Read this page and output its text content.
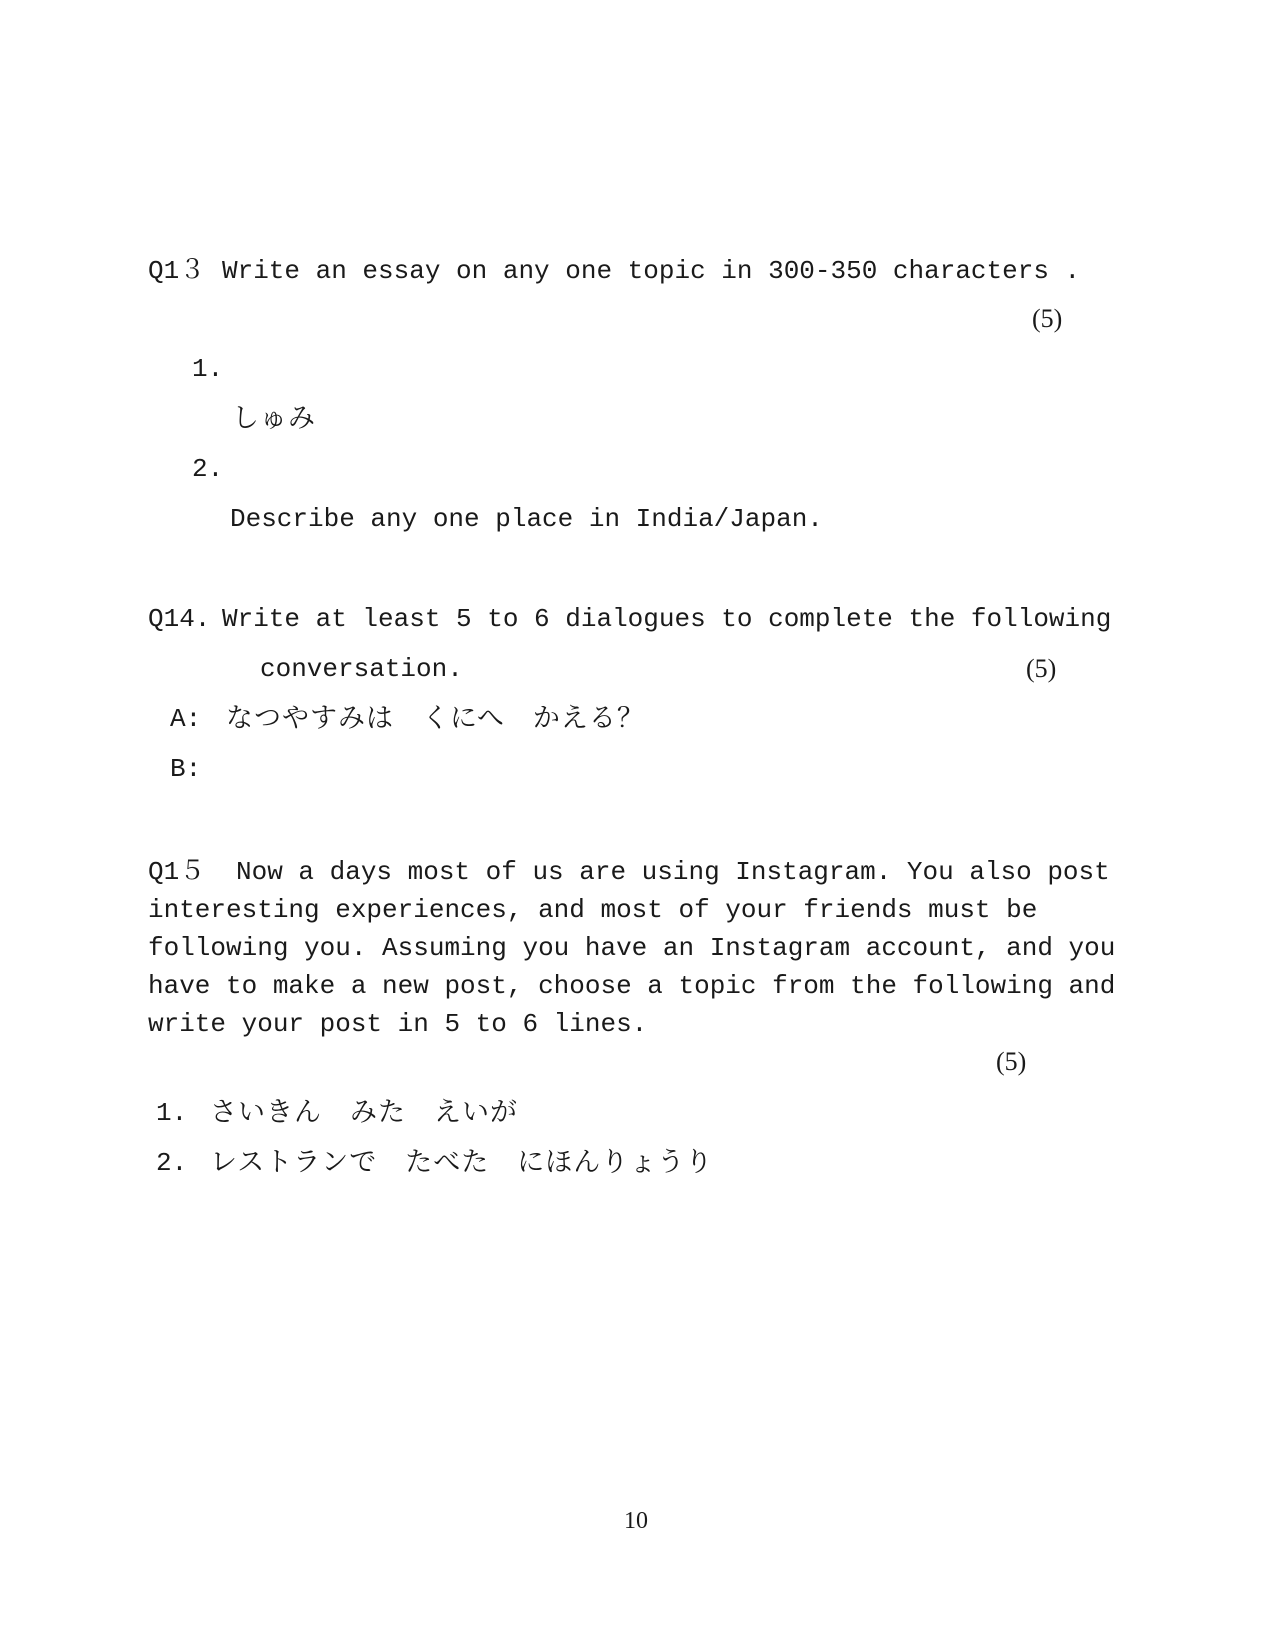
Q1３ Write an essay on any one topic in 300-350 characters .
(5)
1.
しゅみ
2.
Describe any one place in India/Japan.
Q14. Write at least 5 to 6 dialogues to complete the following
conversation.	(5)
A: なつやすみは　くにへ　かえる？
B:
Q1５ Now a days most of us are using Instagram. You also post
interesting experiences, and most of your friends must be
following you. Assuming you have an Instagram account, and you
have to make a new post, choose a topic from the following and
write your post in 5 to 6 lines.
(5)
1. さいきん　みた　えいが
2. レストランで　たべた　にほんりょうり
10
